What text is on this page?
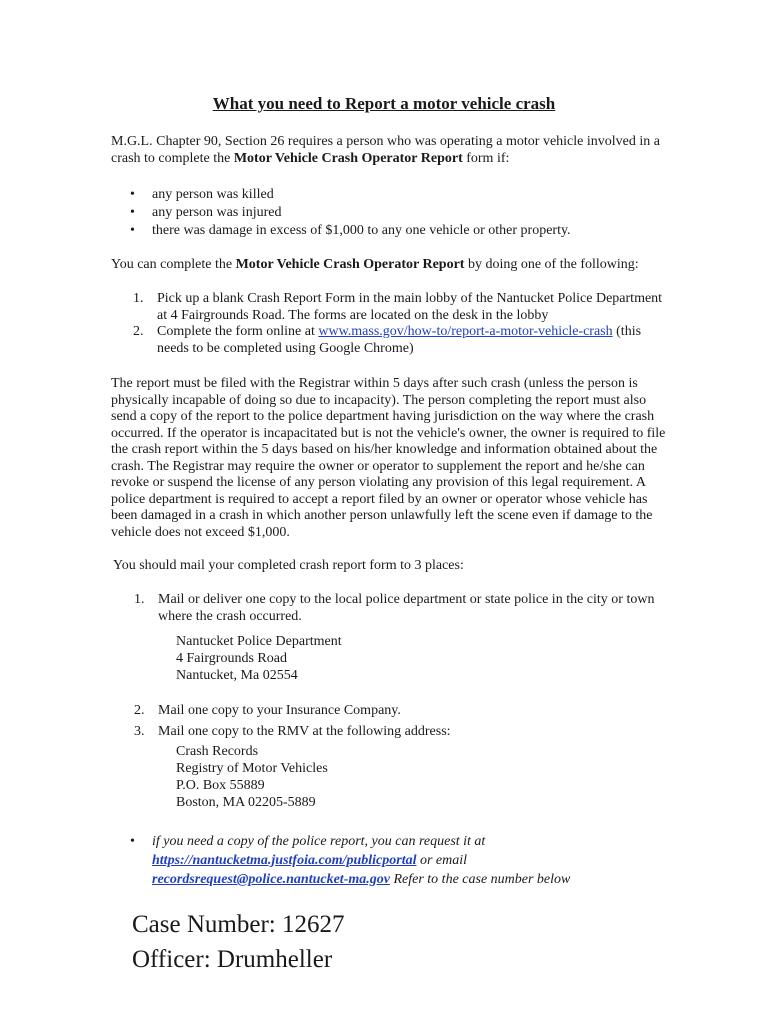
What you need to Report a motor vehicle crash
M.G.L. Chapter 90, Section 26 requires a person who was operating a motor vehicle involved in a crash to complete the Motor Vehicle Crash Operator Report form if:
• any person was killed
• any person was injured
• there was damage in excess of $1,000 to any one vehicle or other property.
You can complete the Motor Vehicle Crash Operator Report by doing one of the following:
1. Pick up a blank Crash Report Form in the main lobby of the Nantucket Police Department at 4 Fairgrounds Road. The forms are located on the desk in the lobby
2. Complete the form online at www.mass.gov/how-to/report-a-motor-vehicle-crash (this needs to be completed using Google Chrome)
The report must be filed with the Registrar within 5 days after such crash (unless the person is physically incapable of doing so due to incapacity). The person completing the report must also send a copy of the report to the police department having jurisdiction on the way where the crash occurred. If the operator is incapacitated but is not the vehicle's owner, the owner is required to file the crash report within the 5 days based on his/her knowledge and information obtained about the crash. The Registrar may require the owner or operator to supplement the report and he/she can revoke or suspend the license of any person violating any provision of this legal requirement. A police department is required to accept a report filed by an owner or operator whose vehicle has been damaged in a crash in which another person unlawfully left the scene even if damage to the vehicle does not exceed $1,000.
You should mail your completed crash report form to 3 places:
1. Mail or deliver one copy to the local police department or state police in the city or town where the crash occurred.
Nantucket Police Department
4 Fairgrounds Road
Nantucket, Ma 02554
2. Mail one copy to your Insurance Company.
3. Mail one copy to the RMV at the following address:
Crash Records
Registry of Motor Vehicles
P.O. Box 55889
Boston, MA 02205-5889
•	if you need a copy of the police report, you can request it at
https://nantucketma.justfoia.com/publicportal or email
recordsrequest@police.nantucket-ma.gov Refer to the case number below
Case Number: 12627
Officer: Drumheller
